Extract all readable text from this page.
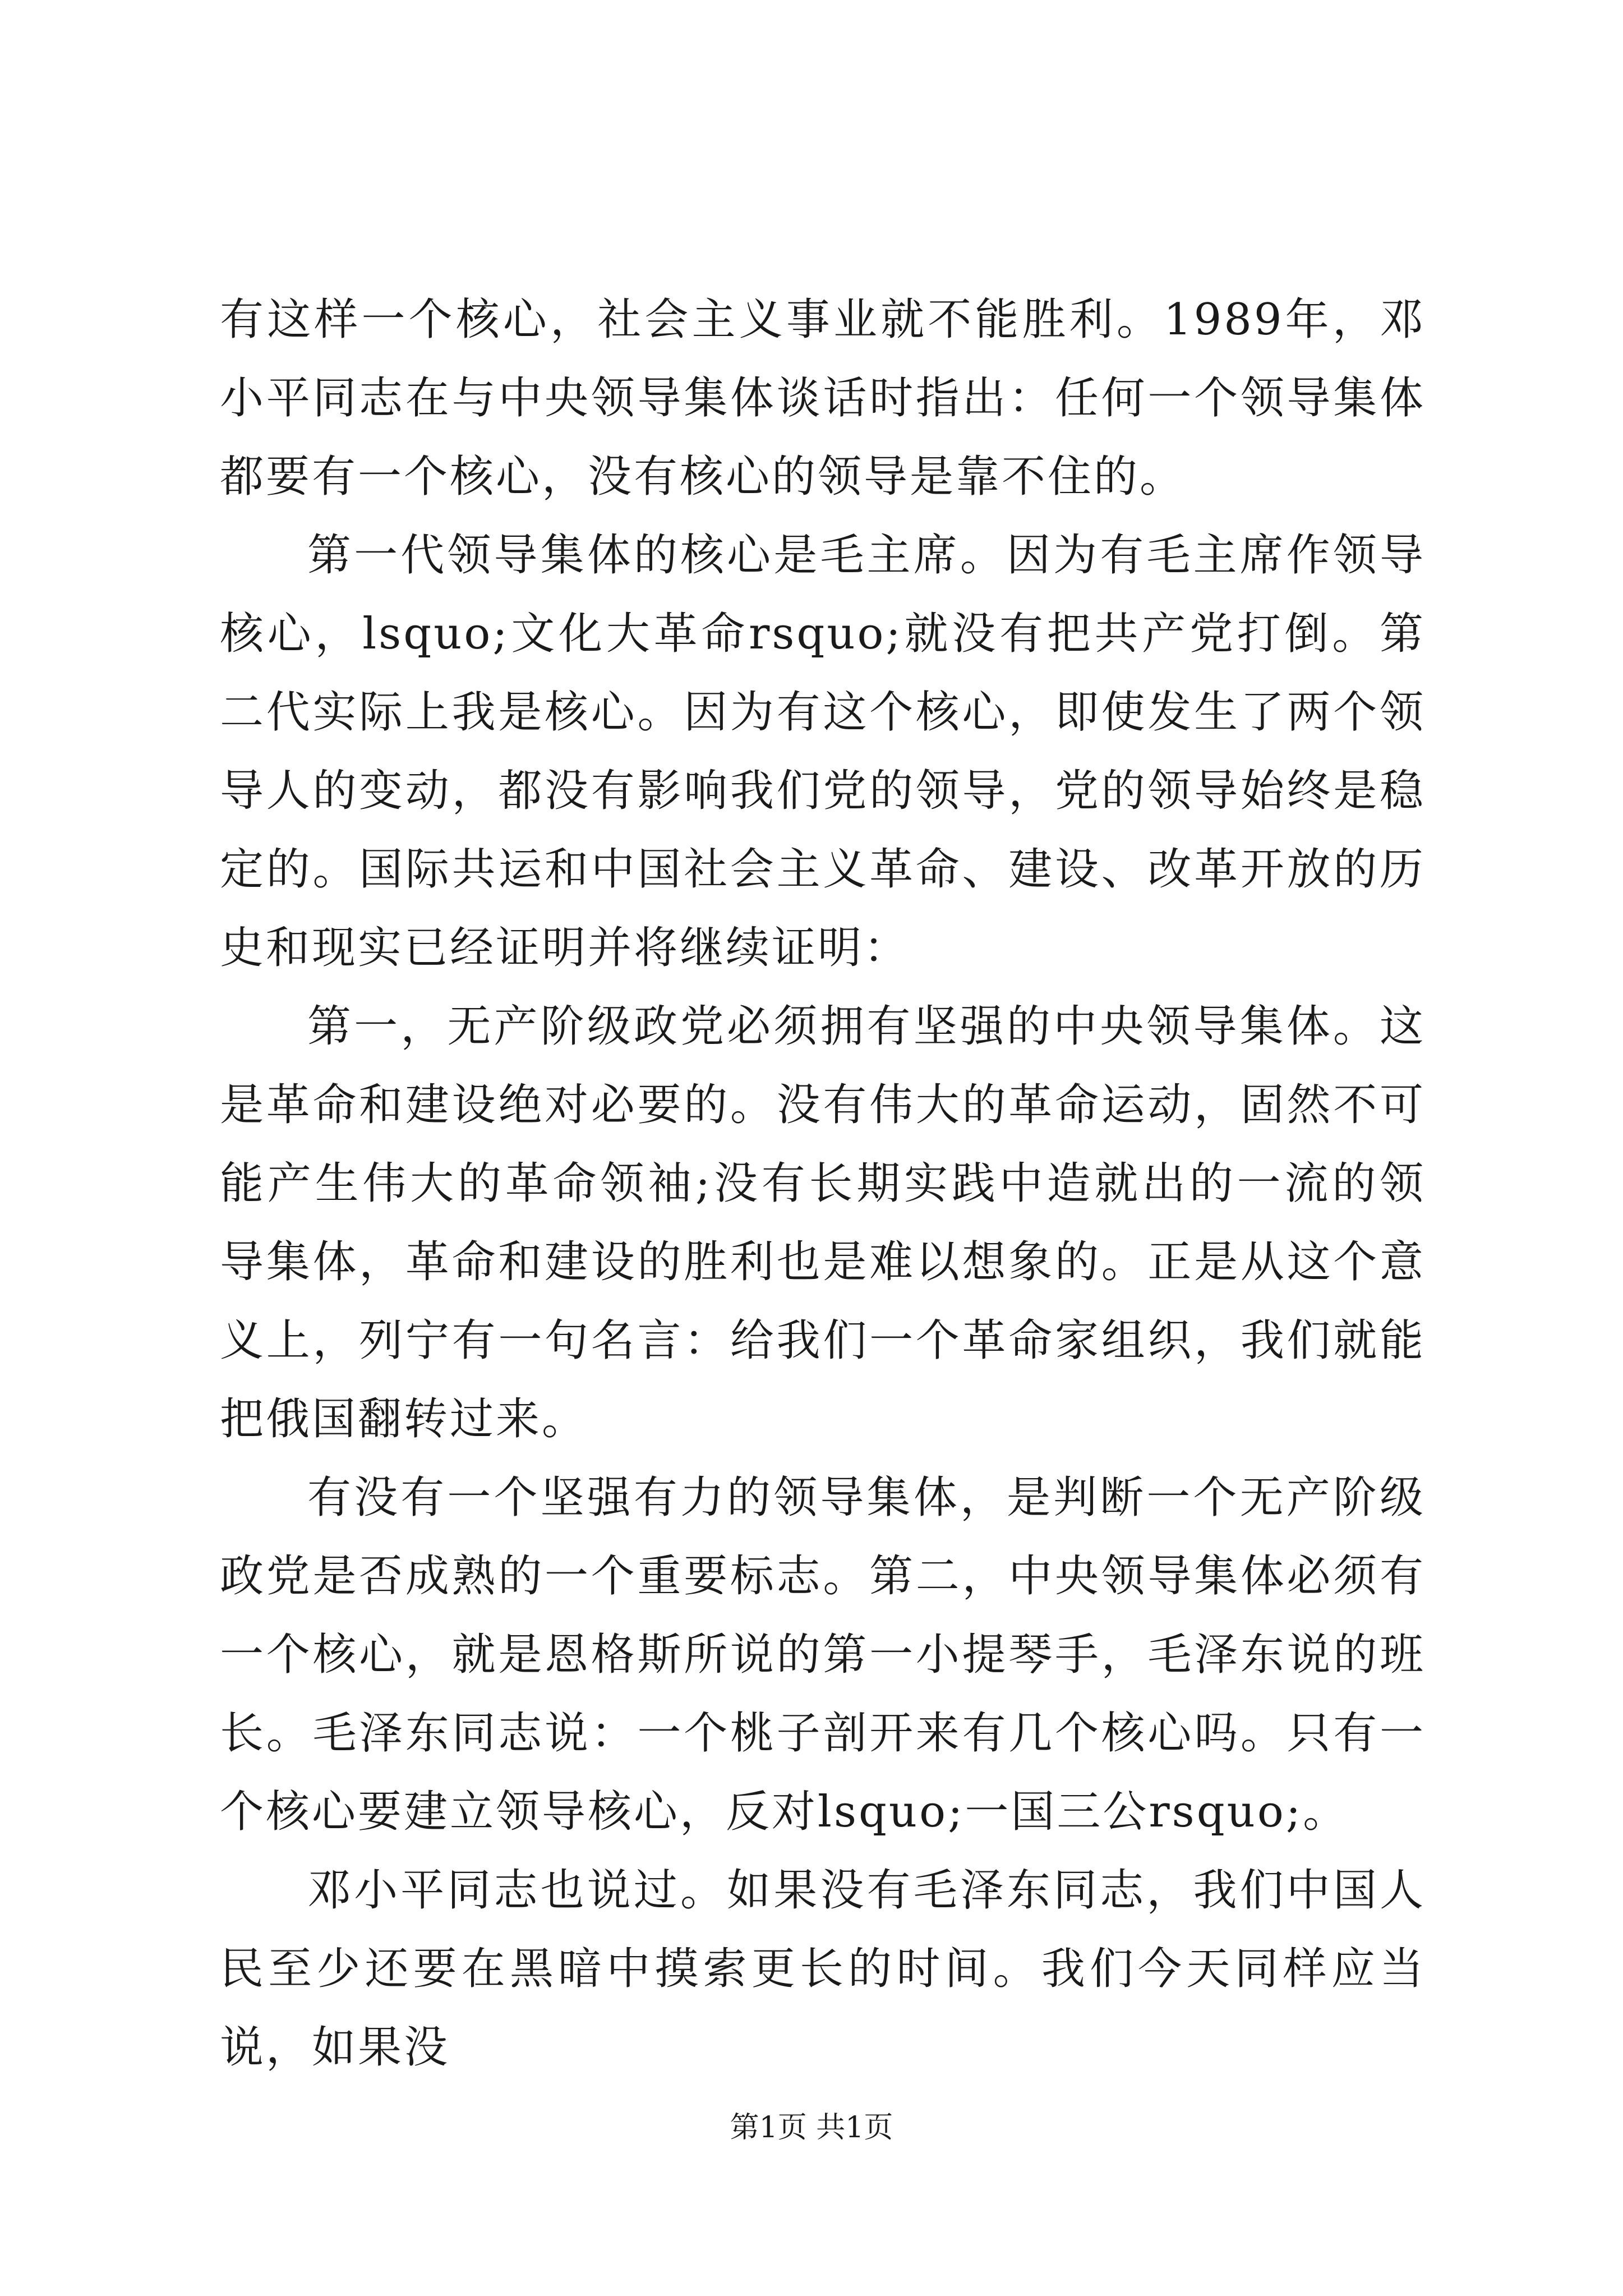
有这样一个核心，社会主义事业就不能胜利。1989年，邓小平同志在与中央领导集体谈话时指出：任何一个领导集体都要有一个核心，没有核心的领导是靠不住的。

第一代领导集体的核心是毛主席。因为有毛主席作领导核心，lsquo;文化大革命rsquo;就没有把共产党打倒。第二代实际上我是核心。因为有这个核心，即使发生了两个领导人的变动，都没有影响我们党的领导，党的领导始终是稳定的。国际共运和中国社会主义革命、建设、改革开放的历史和现实已经证明并将继续证明：

第一，无产阶级政党必须拥有坚强的中央领导集体。这是革命和建设绝对必要的。没有伟大的革命运动，固然不可能产生伟大的革命领袖;没有长期实践中造就出的一流的领导集体，革命和建设的胜利也是难以想象的。正是从这个意义上，列宁有一句名言：给我们一个革命家组织，我们就能把俄国翻转过来。

有没有一个坚强有力的领导集体，是判断一个无产阶级政党是否成熟的一个重要标志。第二，中央领导集体必须有一个核心，就是恩格斯所说的第一小提琴手，毛泽东说的班长。毛泽东同志说：一个桃子剖开来有几个核心吗。只有一个核心要建立领导核心，反对lsquo;一国三公rsquo;。

邓小平同志也说过。如果没有毛泽东同志，我们中国人民至少还要在黑暗中摸索更长的时间。我们今天同样应当说，如果没

第1页 共1页
